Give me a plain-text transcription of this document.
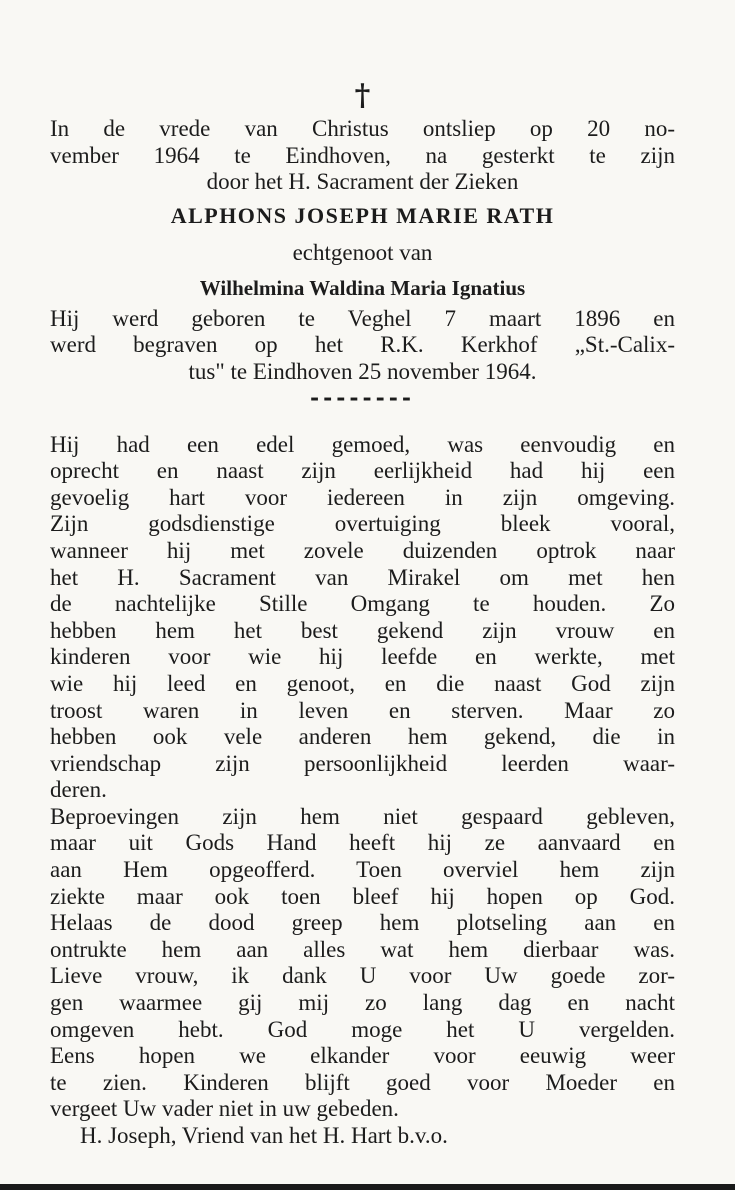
†
In de vrede van Christus ontsliep op 20 no-
vember 1964 te Eindhoven, na gesterkt te zijn
door het H. Sacrament der Zieken
ALPHONS JOSEPH MARIE RATH
echtgenoot van
Wilhelmina Waldina Maria Ignatius
Hij werd geboren te Veghel 7 maart 1896 en
werd begraven op het R.K. Kerkhof „St.-Calix-
tus" te Eindhoven 25 november 1964.
--------
Hij had een edel gemoed, was eenvoudig en
oprecht en naast zijn eerlijkheid had hij een
gevoelig hart voor iedereen in zijn omgeving.
Zijn godsdienstige overtuiging bleek vooral,
wanneer hij met zovele duizenden optrok naar
het H. Sacrament van Mirakel om met hen
de nachtelijke Stille Omgang te houden. Zo
hebben hem het best gekend zijn vrouw en
kinderen voor wie hij leefde en werkte, met
wie hij leed en genoot, en die naast God zijn
troost waren in leven en sterven. Maar zo
hebben ook vele anderen hem gekend, die in
vriendschap zijn persoonlijkheid leerden waar-
deren.
Beproevingen zijn hem niet gespaard gebleven,
maar uit Gods Hand heeft hij ze aanvaard en
aan Hem opgeofferd. Toen overviel hem zijn
ziekte maar ook toen bleef hij hopen op God.
Helaas de dood greep hem plotseling aan en
ontrukte hem aan alles wat hem dierbaar was.
Lieve vrouw, ik dank U voor Uw goede zor-
gen waarmee gij mij zo lang dag en nacht
omgeven hebt. God moge het U vergelden.
Eens hopen we elkander voor eeuwig weer
te zien. Kinderen blijft goed voor Moeder en
vergeet Uw vader niet in uw gebeden.
H. Joseph, Vriend van het H. Hart b.v.o.
